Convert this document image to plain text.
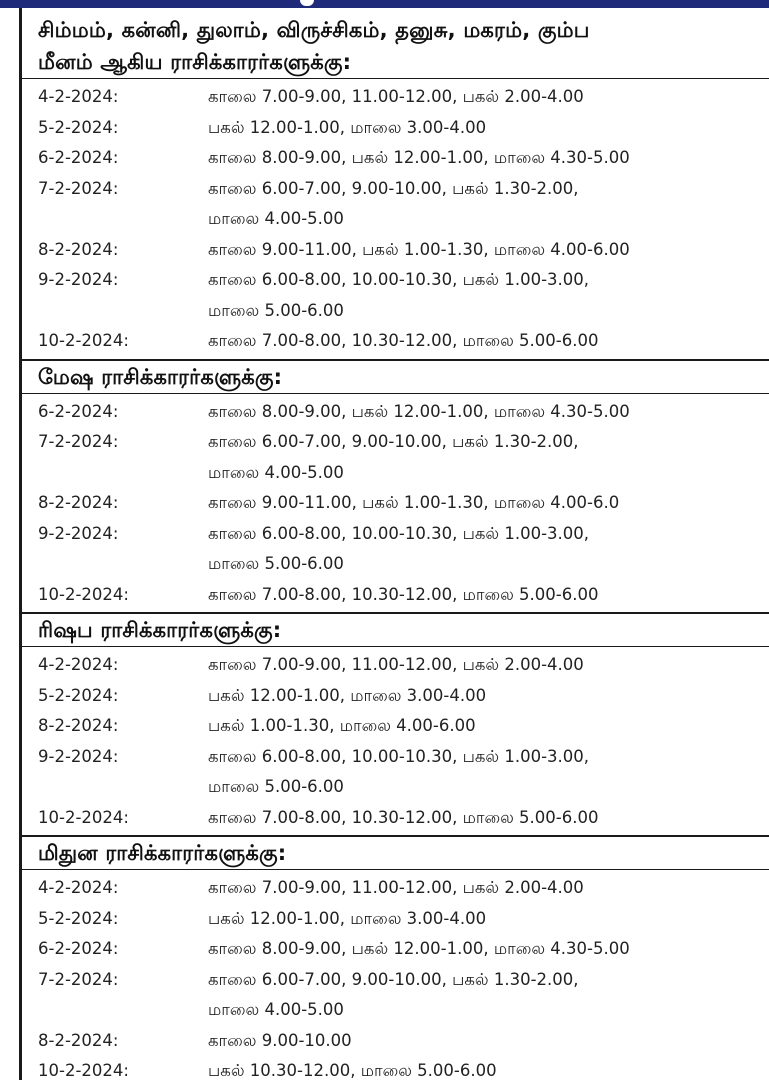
சிம்மம், கன்னி, துலாம், விருச்சிகம், தனுசு, மகரம், கும்ப
மீனம் ஆகிய ராசிக்காரர்களுக்கு:
4-2-2024:	காலை 7.00-9.00, 11.00-12.00, பகல் 2.00-4.00
5-2-2024:	பகல் 12.00-1.00, மாலை 3.00-4.00
6-2-2024:	காலை 8.00-9.00, பகல் 12.00-1.00, மாலை 4.30-5.00
7-2-2024:	காலை 6.00-7.00, 9.00-10.00, பகல் 1.30-2.00,
மாலை 4.00-5.00
8-2-2024:	காலை 9.00-11.00, பகல் 1.00-1.30, மாலை 4.00-6.00
9-2-2024:	காலை 6.00-8.00, 10.00-10.30, பகல் 1.00-3.00,
மாலை 5.00-6.00
10-2-2024:	காலை 7.00-8.00, 10.30-12.00, மாலை 5.00-6.00
மேஷ ராசிக்காரர்களுக்கு:
6-2-2024:	காலை 8.00-9.00, பகல் 12.00-1.00, மாலை 4.30-5.00
7-2-2024:	காலை 6.00-7.00, 9.00-10.00, பகல் 1.30-2.00,
மாலை 4.00-5.00
8-2-2024:	காலை 9.00-11.00, பகல் 1.00-1.30, மாலை 4.00-6.0
9-2-2024:	காலை 6.00-8.00, 10.00-10.30, பகல் 1.00-3.00,
மாலை 5.00-6.00
10-2-2024:	காலை 7.00-8.00, 10.30-12.00, மாலை 5.00-6.00
ரிஷப ராசிக்காரர்களுக்கு:
4-2-2024:	காலை 7.00-9.00, 11.00-12.00, பகல் 2.00-4.00
5-2-2024:	பகல் 12.00-1.00, மாலை 3.00-4.00
8-2-2024:	பகல் 1.00-1.30, மாலை 4.00-6.00
9-2-2024:	காலை 6.00-8.00, 10.00-10.30, பகல் 1.00-3.00,
மாலை 5.00-6.00
10-2-2024:	காலை 7.00-8.00, 10.30-12.00, மாலை 5.00-6.00
மிதுன ராசிக்காரர்களுக்கு:
4-2-2024:	காலை 7.00-9.00, 11.00-12.00, பகல் 2.00-4.00
5-2-2024:	பகல் 12.00-1.00, மாலை 3.00-4.00
6-2-2024:	காலை 8.00-9.00, பகல் 12.00-1.00, மாலை 4.30-5.00
7-2-2024:	காலை 6.00-7.00, 9.00-10.00, பகல் 1.30-2.00,
மாலை 4.00-5.00
8-2-2024:	காலை 9.00-10.00
10-2-2024:	பகல் 10.30-12.00, மாலை 5.00-6.00
